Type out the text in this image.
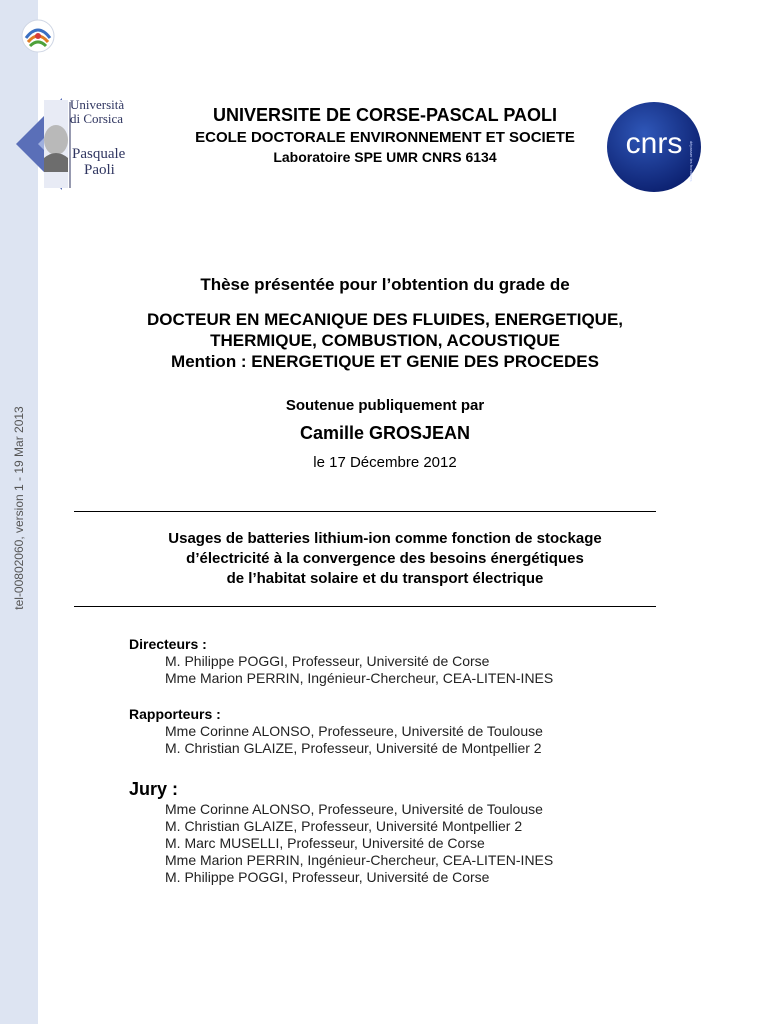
tel-00802060, version 1 - 19 Mar 2013
Università
di Corsica
Pasquale
Paoli
cnrs dépasser les frontières
UNIVERSITE DE CORSE-PASCAL PAOLI
ECOLE DOCTORALE ENVIRONNEMENT ET SOCIETE
Laboratoire SPE UMR CNRS 6134
Thèse présentée pour l’obtention du grade de
DOCTEUR EN MECANIQUE DES FLUIDES, ENERGETIQUE,
THERMIQUE, COMBUSTION, ACOUSTIQUE
Mention : ENERGETIQUE ET GENIE DES PROCEDES
Soutenue publiquement par
Camille GROSJEAN
le 17 Décembre 2012
Usages de batteries lithium-ion comme fonction de stockage
d’électricité à la convergence des besoins énergétiques
de l’habitat solaire et du transport électrique
Directeurs :
M. Philippe POGGI, Professeur, Université de Corse
Mme Marion PERRIN, Ingénieur-Chercheur, CEA-LITEN-INES
Rapporteurs :
Mme Corinne ALONSO, Professeure, Université de Toulouse
M. Christian GLAIZE, Professeur, Université de Montpellier 2
Jury :
Mme Corinne ALONSO, Professeure, Université de Toulouse
M. Christian GLAIZE, Professeur, Université Montpellier 2
M. Marc MUSELLI, Professeur, Université de Corse
Mme Marion PERRIN, Ingénieur-Chercheur, CEA-LITEN-INES
M. Philippe POGGI, Professeur, Université de Corse
